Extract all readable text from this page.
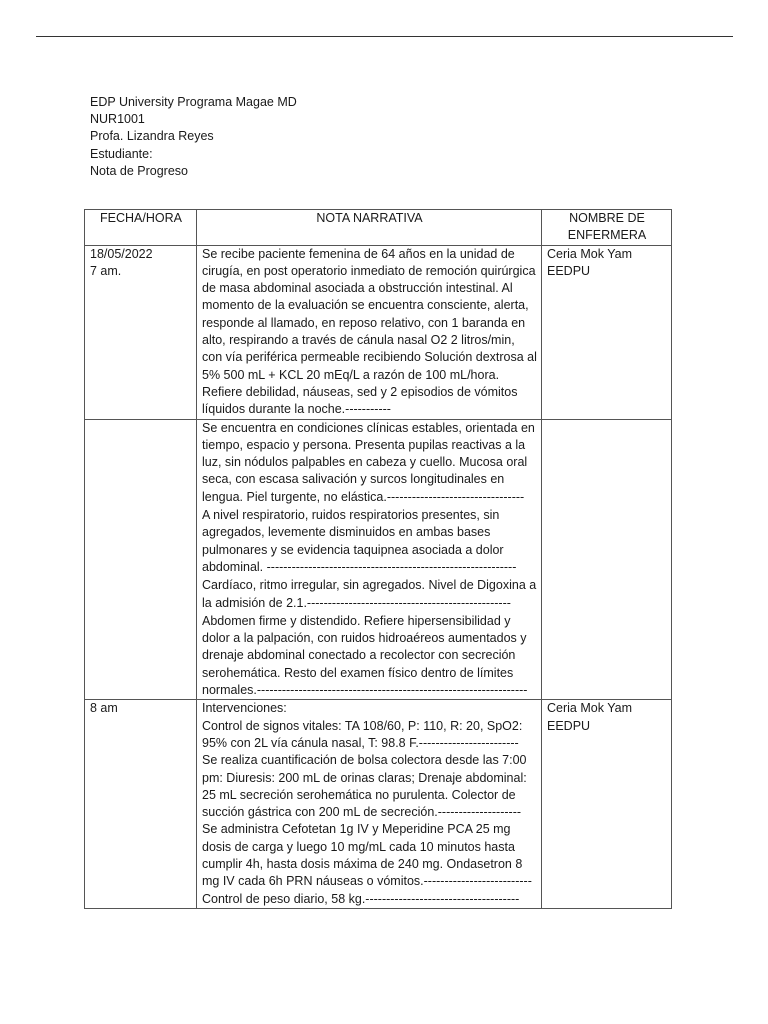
EDP University Programa Magae MD
NUR1001
Profa. Lizandra Reyes
Estudiante:
Nota de Progreso
FECHA/HORA	NOTA NARRATIVA	NOMBRE DE ENFERMERA

18/05/2022
7 am.	Se recibe paciente femenina de 64 años en la unidad de cirugía, en post operatorio inmediato de remoción quirúrgica de masa abdominal asociada a obstrucción intestinal. Al momento de la evaluación se encuentra consciente, alerta, responde al llamado, en reposo relativo, con 1 baranda en alto, respirando a través de cánula nasal O2 2 litros/min, con vía periférica permeable recibiendo Solución dextrosa al 5% 500 mL + KCL 20 mEq/L a razón de 100 mL/hora. Refiere debilidad, náuseas, sed y 2 episodios de vómitos líquidos durante la noche.-----------	Ceria Mok Yam
EEDPU

	Se encuentra en condiciones clínicas estables, orientada en tiempo, espacio y persona. Presenta pupilas reactivas a la luz, sin nódulos palpables en cabeza y cuello. Mucosa oral seca, con escasa salivación y surcos longitudinales en lengua. Piel turgente, no elástica.---------------------------------
A nivel respiratorio, ruidos respiratorios presentes, sin agregados, levemente disminuidos en ambas bases pulmonares y se evidencia taquipnea asociada a dolor abdominal. ------------------------------------------------------------
Cardíaco, ritmo irregular, sin agregados. Nivel de Digoxina a la admisión de 2.1.-------------------------------------------------
Abdomen firme y distendido. Refiere hipersensibilidad y dolor a la palpación, con ruidos hidroaéreos aumentados y drenaje abdominal conectado a recolector con secreción serohemática. Resto del examen físico dentro de límites normales.-----------------------------------------------------------------	

8 am	Intervenciones:
Control de signos vitales: TA 108/60, P: 110, R: 20, SpO2: 95% con 2L vía cánula nasal, T: 98.8 F.------------------------
Se realiza cuantificación de bolsa colectora desde las 7:00 pm: Diuresis: 200 mL de orinas claras; Drenaje abdominal: 25 mL secreción serohemática no purulenta. Colector de succión gástrica con 200 mL de secreción.--------------------
Se administra Cefotetan 1g IV y Meperidine PCA 25 mg dosis de carga y luego 10 mg/mL cada 10 minutos hasta cumplir 4h, hasta dosis máxima de 240 mg. Ondasetron 8 mg IV cada 6h PRN náuseas o vómitos.--------------------------
Control de peso diario, 58 kg.-------------------------------------	Ceria Mok Yam
EEDPU
